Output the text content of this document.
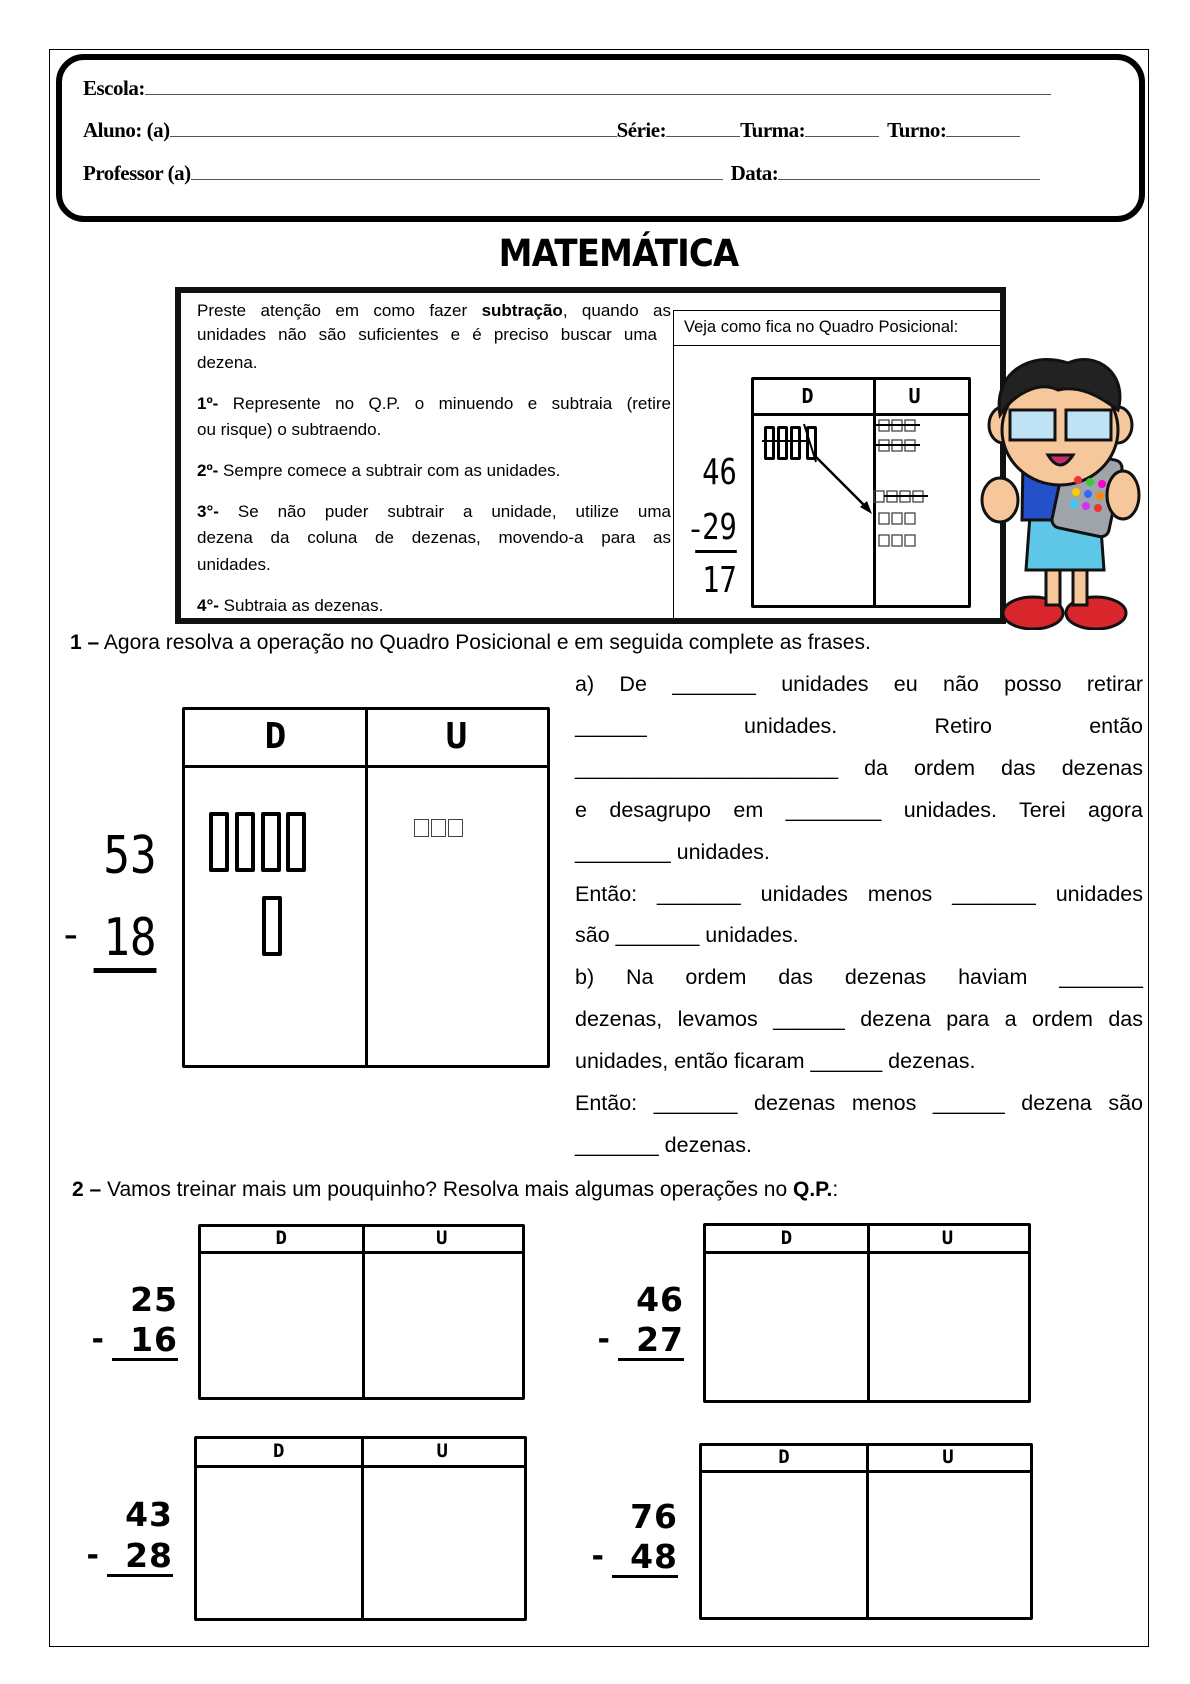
Escola:
Aluno: (a)	Série:	Turma:	Turno:
Professor (a)	Data:
MATEMÁTICA
Preste atenção em como fazer subtração, quando as
unidades não são suficientes e é preciso buscar uma
dezena.
1º- Represente no Q.P. o minuendo e subtraia (retire
ou risque) o subtraendo.
2º- Sempre comece a subtrair com as unidades.
3°- Se não puder subtrair a unidade, utilize uma
dezena da coluna de dezenas, movendo-a para as
unidades.
4°- Subtraia as dezenas.
Veja como fica no Quadro Posicional:
D	U
46
- 29
17
1 – Agora resolva a operação no Quadro Posicional e em seguida complete as frases.
D	U
53
- 18
a) De _______ unidades eu não posso retirar
______ unidades. Retiro então
______________________ da ordem das dezenas
e desagrupo em ________ unidades. Terei agora
________ unidades.
Então: _______ unidades menos _______ unidades
são _______ unidades.
b) Na ordem das dezenas haviam _______
dezenas, levamos ______ dezena para a ordem das
unidades, então ficaram ______ dezenas.
Então: _______ dezenas menos ______ dezena são
_______ dezenas.
2 – Vamos treinar mais um pouquinho? Resolva mais algumas operações no Q.P.:
D	U
25
16
-
D	U
46
27
-
D	U
43
28
-
D	U
76
48
-
